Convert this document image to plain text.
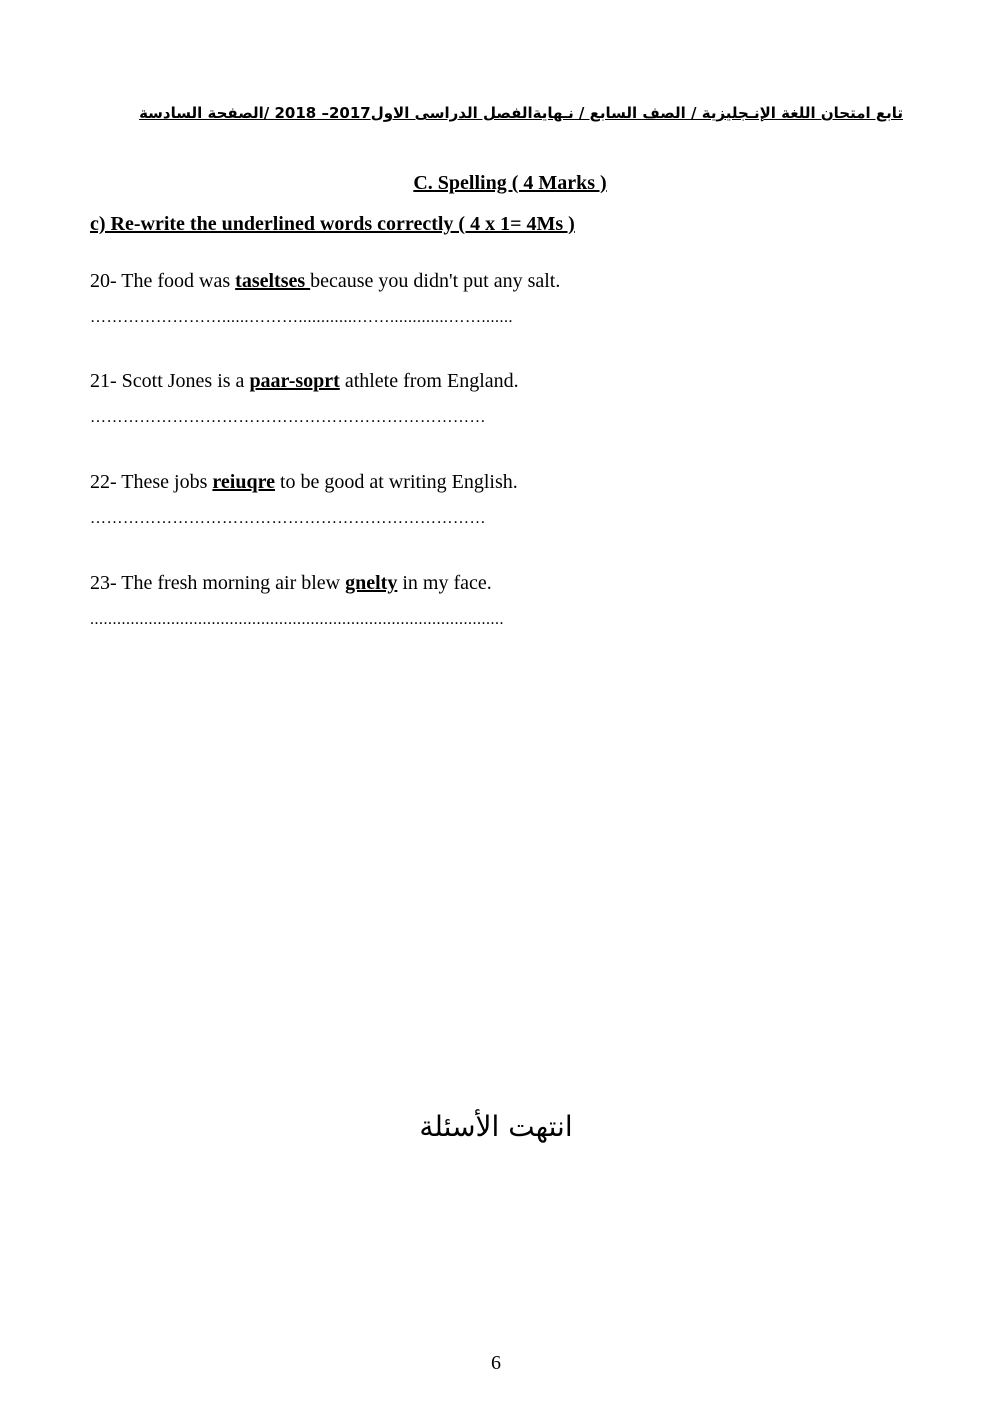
تابع امتحان اللغة الإنـجليزية / الصف السابع / نـهايةالفصل الدراسى الاول2017– 2018 /الصفحة السادسة
C. Spelling ( 4 Marks )
c) Re-write the underlined words correctly ( 4 x 1= 4Ms )
20- The food was taseltses because you didn't put any salt.
……………………......……….............…….............…….......
21- Scott Jones is a paar-soprt athlete from England.
………………………………………………………………
22- These jobs reiuqre to be good at writing English.
………………………………………………………………
23- The fresh morning air blew gnelty in my face.
............................................................................................
انتهت الأسئلة
6
